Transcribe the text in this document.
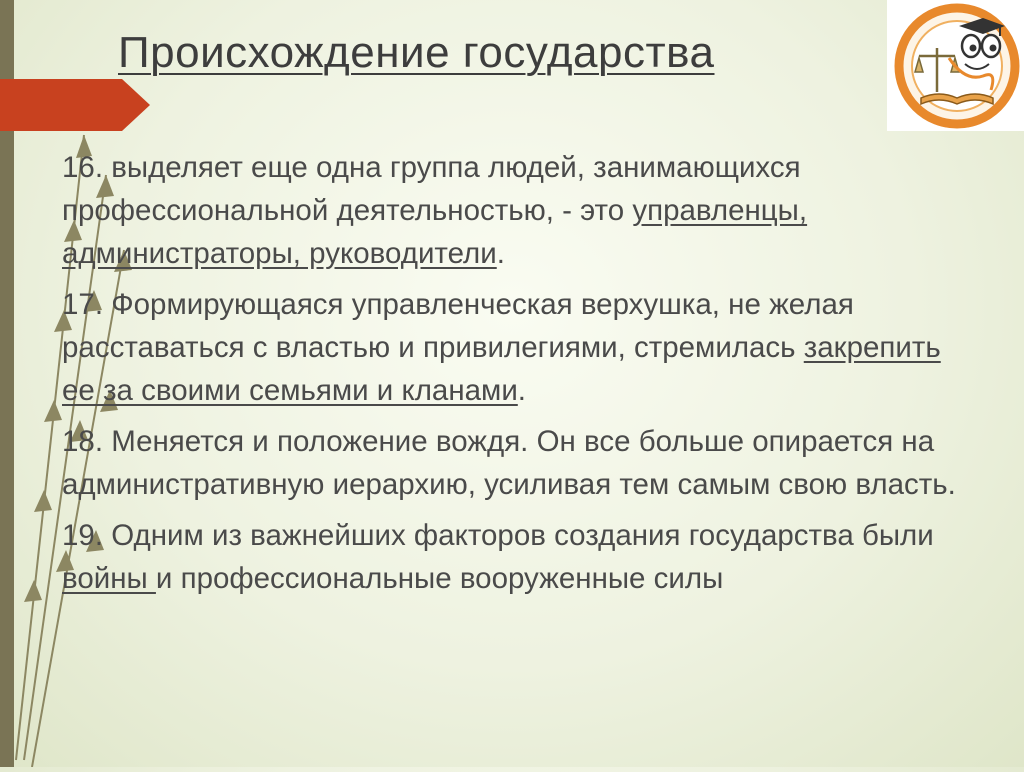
Происхождение государства

16. выделяет еще одна группа людей, занимающихся профессиональной деятельностью, - это управленцы, администраторы, руководители.

17. Формирующаяся управленческая верхушка, не желая расставаться с властью и привилегиями, стремилась закрепить ее за своими семьями и кланами.

18. Меняется и положение вождя. Он все больше опирается на административную иерархию, усиливая тем самым свою власть.

19. Одним из важнейших факторов создания государства были войны и профессиональные вооруженные силы
